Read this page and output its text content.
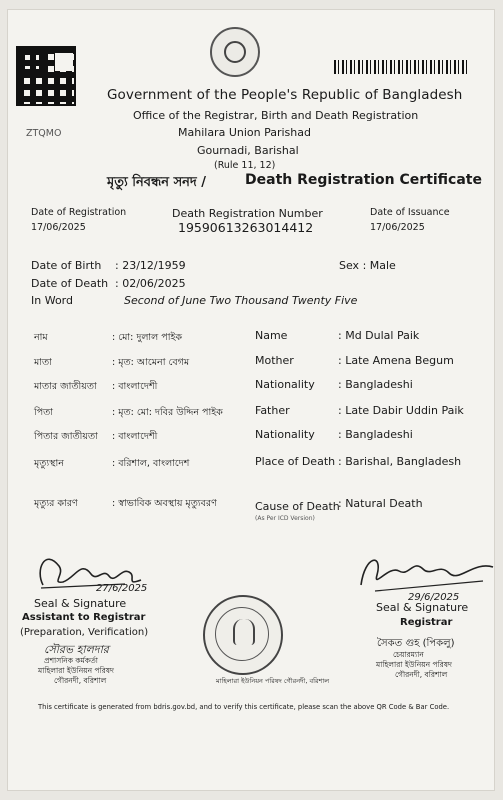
ZTQMO
Government of the People's Republic of Bangladesh
Office of the Registrar, Birth and Death Registration
Mahilara Union Parishad
Gournadi, Barishal
(Rule 11, 12)
মৃত্যু নিবন্ধন সনদ /	Death Registration Certificate
Date of Registration
17/06/2025
Death Registration Number
19590613263014412
Date of Issuance
17/06/2025
Date of Birth : 23/12/1959	Sex : Male
Date of Death : 02/06/2025
In Word	Second of June Two Thousand Twenty Five
নাম	: মো: দুলাল পাইক	Name	: Md Dulal Paik
মাতা	: মৃত: আমেনা বেগম	Mother	: Late Amena Begum
মাতার জাতীয়তা : বাংলাদেশী	Nationality : Bangladeshi
পিতা	: মৃত: মো: দবির উদ্দিন পাইক	Father	: Late Dabir Uddin Paik
পিতার জাতীয়তা : বাংলাদেশী	Nationality : Bangladeshi
মৃত্যুস্থান	: বরিশাল, বাংলাদেশ	Place of Death : Barishal, Bangladesh
মৃত্যুর কারণ	: স্বাভাবিক অবস্থায় মৃত্যুবরণ	Cause of Death
(As Per ICD Version)
: Natural Death
27/6/2025
Seal & Signature
Assistant to Registrar
(Preparation, Verification)
সৌরভ হালদার
প্রশাসনিক কর্মকর্তা
মাহিলারা ইউনিয়ন পরিষদ
গৌরনদী, বরিশাল	মাহিলারা ইউনিয়ন পরিষদ গৌরনদী, বরিশাল
29/6/2025
Seal & Signature
Registrar
সৈকত গুহ (পিকলু)
চেয়ারম্যান
মাহিলারা ইউনিয়ন পরিষদ
গৌরনদী, বরিশাল
This certificate is generated from bdris.gov.bd, and to verify this certificate, please scan the above QR Code & Bar Code.
